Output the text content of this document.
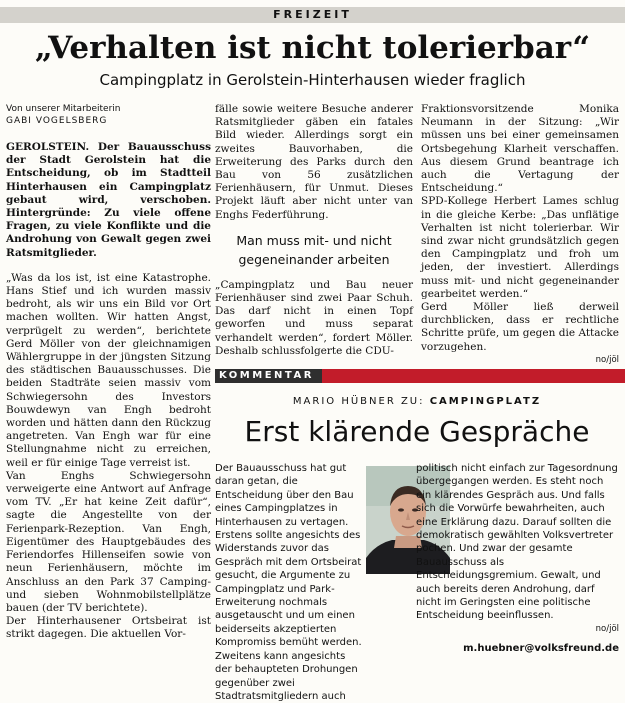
FREIZEIT
„Verhalten ist nicht tolerierbar“
Campingplatz in Gerolstein-Hinterhausen wieder fraglich
Von unserer Mitarbeiterin
GABI VOGELSBERG

GEROLSTEIN. Der Bauausschuss der Stadt Gerolstein hat die Entscheidung, ob im Stadtteil Hinterhausen ein Campingplatz gebaut wird, verschoben. Hintergründe: Zu viele offene Fragen, zu viele Konflikte und die Androhung von Gewalt gegen zwei Ratsmitglieder.

„Was da los ist, ist eine Katastrophe. Hans Stief und ich wurden massiv bedroht, als wir uns ein Bild vor Ort machen wollten. Wir hatten Angst, verprügelt zu werden“, berichtete Gerd Möller von der gleichnamigen Wählergruppe in der jüngsten Sitzung des städtischen Bauausschusses. Die beiden Stadträte seien massiv vom Schwiegersohn des Investors Bouwdewyn van Engh bedroht worden und hätten dann den Rückzug angetreten. Van Engh war für eine Stellungnahme nicht zu erreichen, weil er für einige Tage verreist ist.

Van Enghs Schwiegersohn verweigerte eine Antwort auf Anfrage vom TV. „Er hat keine Zeit dafür“, sagte die Angestellte von der Ferienpark-Rezeption. Van Engh, Eigentümer des Hauptgebäudes des Feriendorfes Hillenseifen sowie von neun Ferienhäusern, möchte im Anschluss an den Park 37 Camping- und sieben Wohnmobilstellplätze bauen (der TV berichtete).

Der Hinterhausener Ortsbeirat ist strikt dagegen. Die aktuellen Vor-

fälle sowie weitere Besuche anderer Ratsmitglieder gäben ein fatales Bild wieder. Allerdings sorgt ein zweites Bauvorhaben, die Erweiterung des Parks durch den Bau von 56 zusätzlichen Ferienhäusern, für Unmut. Dieses Projekt läuft aber nicht unter van Enghs Federführung.

Man muss mit- und nicht gegeneinander arbeiten

„Campingplatz und Bau neuer Ferienhäuser sind zwei Paar Schuh. Das darf nicht in einen Topf geworfen und muss separat verhandelt werden“, fordert Möller. Deshalb schlussfolgerte die CDU-

Fraktionsvorsitzende Monika Neumann in der Sitzung: „Wir müssen uns bei einer gemeinsamen Ortsbegehung Klarheit verschaffen. Aus diesem Grund beantrage ich auch die Vertagung der Entscheidung.“

SPD-Kollege Herbert Lames schlug in die gleiche Kerbe: „Das unflätige Verhalten ist nicht tolerierbar. Wir sind zwar nicht grundsätzlich gegen den Campingplatz und froh um jeden, der investiert. Allerdings muss mit- und nicht gegeneinander gearbeitet werden.“

Gerd Möller ließ derweil durchblicken, dass er rechtliche Schritte prüfe, um gegen die Attacke vorzugehen.

no/jöl

KOMMENTAR
MARIO HÜBNER ZU: CAMPINGPLATZ
Erst klärende Gespräche

Der Bauausschuss hat gut daran getan, die Entscheidung über den Bau eines Campingplatzes in Hinterhausen zu vertagen. Erstens sollte angesichts des Widerstands zuvor das Gespräch mit dem Ortsbeirat gesucht, die Argumente zu Campingplatz und Park-Erweiterung nochmals ausgetauscht und um einen beiderseits akzeptierten Kompromiss bemüht werden. Zweitens kann angesichts der behaupteten Drohungen gegenüber zwei Stadtratsmitgliedern auch

politisch nicht einfach zur Tagesordnung übergegangen werden. Es steht noch ein klärendes Gespräch aus. Und falls sich die Vorwürfe bewahrheiten, auch eine Erklärung dazu. Darauf sollten die demokratisch gewählten Volksvertreter pochen. Und zwar der gesamte Bauausschuss als Entscheidungsgremium. Gewalt, und auch bereits deren Androhung, darf nicht im Geringsten eine politische Entscheidung beeinflussen.

no/jöl

m.huebner@volksfreund.de
